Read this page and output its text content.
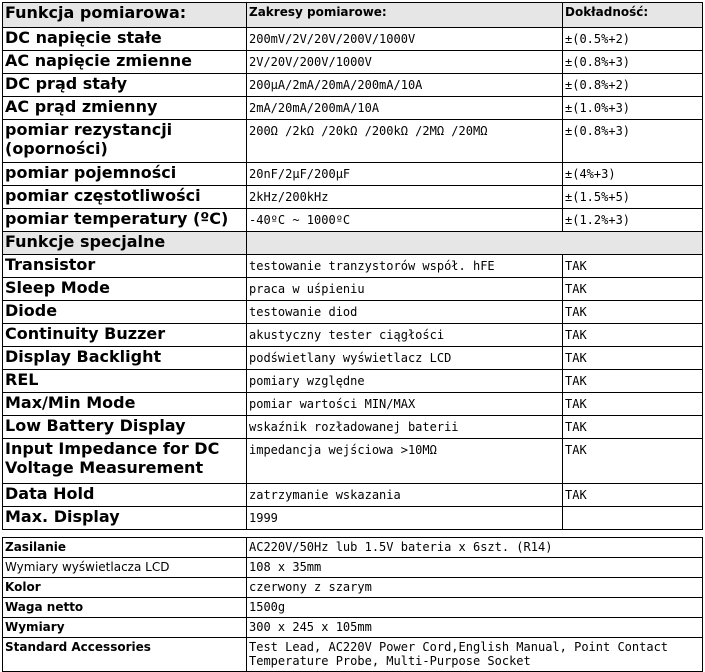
Funkcja pomiarowa:	Zakresy pomiarowe:	Dokładność:
DC napięcie stałe	200mV/2V/20V/200V/1000V	±(0.5%+2)
AC napięcie zmienne	2V/20V/200V/1000V	±(0.8%+3)
DC prąd stały	200µA/2mA/20mA/200mA/10A	±(0.8%+2)
AC prąd zmienny	2mA/20mA/200mA/10A	±(1.0%+3)
pomiar rezystancji (oporności)	200Ω /2kΩ /20kΩ /200kΩ /2MΩ /20MΩ	±(0.8%+3)
pomiar pojemności	20nF/2µF/200µF	±(4%+3)
pomiar częstotliwości	2kHz/200kHz	±(1.5%+5)
pomiar temperatury (ºC)	-40ºC ~ 1000ºC	±(1.2%+3)
Funkcje specjalne		
Transistor	testowanie tranzystorów współ. hFE	TAK
Sleep Mode	praca w uśpieniu	TAK
Diode	testowanie diod	TAK
Continuity Buzzer	akustyczny tester ciągłości	TAK
Display Backlight	podświetlany wyświetlacz LCD	TAK
REL	pomiary względne	TAK
Max/Min Mode	pomiar wartości MIN/MAX	TAK
Low Battery Display	wskaźnik rozładowanej baterii	TAK
Input Impedance for DC Voltage Measurement	impedancja wejściowa >10MΩ	TAK
Data Hold	zatrzymanie wskazania	TAK
Max. Display	1999	
Zasilanie	AC220V/50Hz lub 1.5V bateria x 6szt. (R14)
Wymiary wyświetlacza LCD	108 x 35mm
Kolor	czerwony z szarym
Waga netto	1500g
Wymiary	300 x 245 x 105mm
Standard Accessories	Test Lead, AC220V Power Cord,English Manual, Point Contact Temperature Probe, Multi-Purpose Socket
